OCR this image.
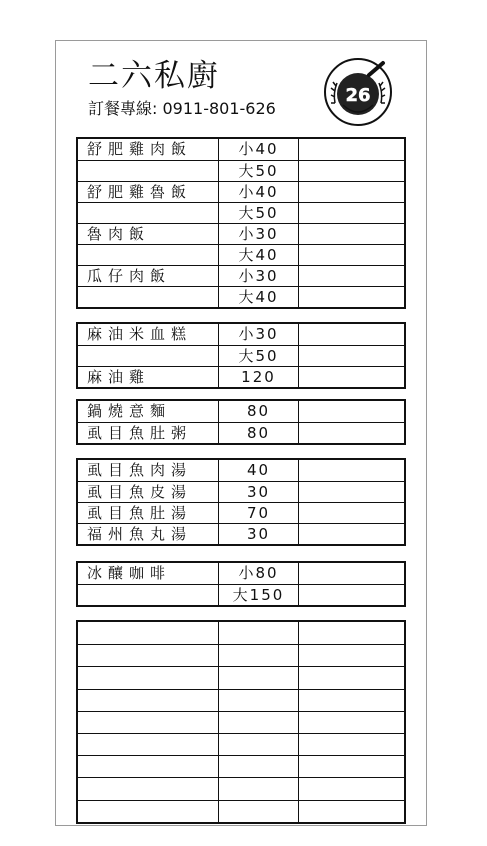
二六私廚
訂餐專線: 0911-801-626
26
舒肥雞肉飯	小40
大50
舒肥雞魯飯	小40
大50
魯肉飯	小30
大40
瓜仔肉飯	小30
大40
麻油米血糕	小30
大50
麻油雞	120
鍋燒意麵	80
虱目魚肚粥	80
虱目魚肉湯	40
虱目魚皮湯	30
虱目魚肚湯	70
福州魚丸湯	30
冰釀咖啡	小80
大150
